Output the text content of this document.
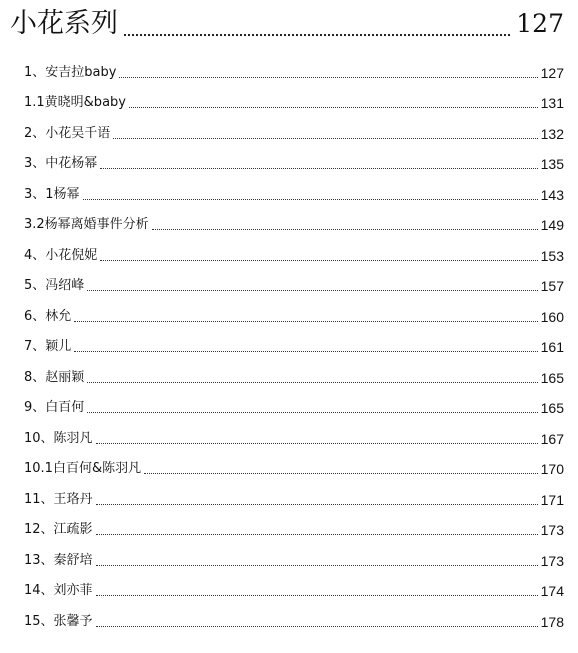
小花系列	127
1、安吉拉baby	127
1.1黄晓明&baby	131
2、小花吴千语	132
3、中花杨幂	135
3、1杨幂	143
3.2杨幂离婚事件分析	149
4、小花倪妮	153
5、冯绍峰	157
6、林允	160
7、颖儿	161
8、赵丽颖	165
9、白百何	165
10、陈羽凡	167
10.1白百何&陈羽凡	170
11、王珞丹	171
12、江疏影	173
13、秦舒培	173
14、刘亦菲	174
15、张馨予	178
